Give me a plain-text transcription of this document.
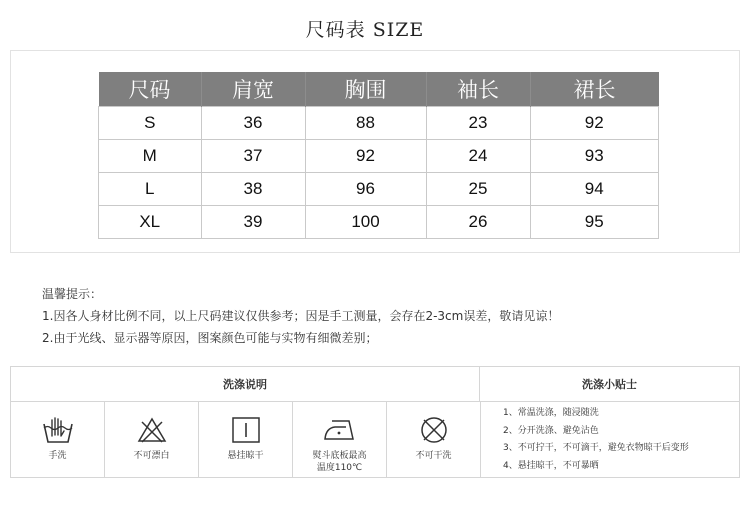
尺码表 SIZE
尺码	肩宽	胸围	袖长	裙长
S	36	88	23	92
M	37	92	24	93
L	38	96	25	94
XL	39	100	26	95
温馨提示：
1.因各人身材比例不同，以上尺码建议仅供参考；因是手工测量，会存在2-3cm误差，敬请见谅！
2.由于光线、显示器等原因，图案颜色可能与实物有细微差别；
洗涤说明	洗涤小贴士
手洗	不可漂白	悬挂晾干	熨斗底板最高
温度110℃
不可干洗
1、常温洗涤，随浸随洗
2、分开洗涤、避免沾色
3、不可拧干，不可滴干，避免衣物晾干后变形
4、悬挂晾干，不可暴晒
